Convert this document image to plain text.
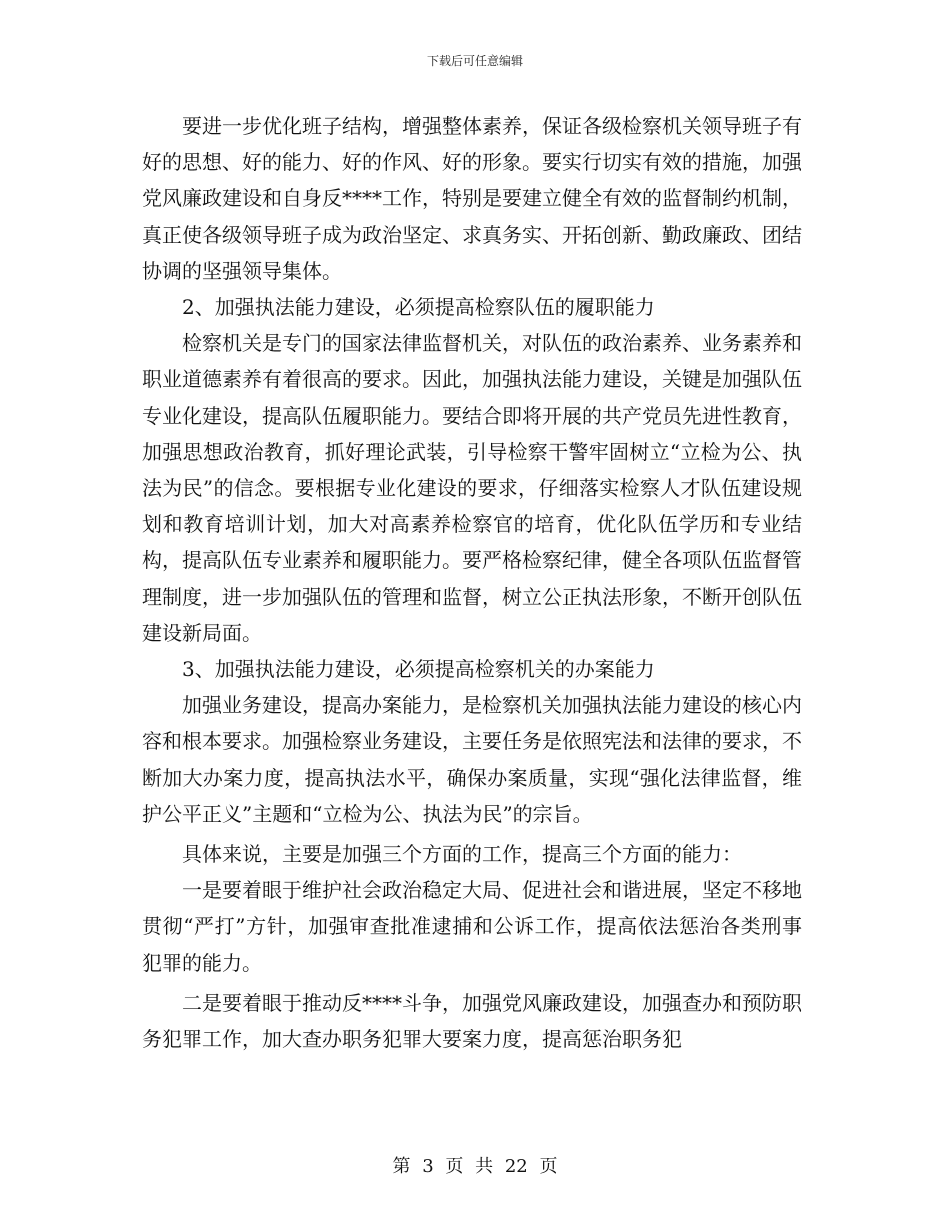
下载后可任意编辑

要进一步优化班子结构，增强整体素养，保证各级检察机关领导班子有好的思想、好的能力、好的作风、好的形象。要实行切实有效的措施，加强党风廉政建设和自身反****工作，特别是要建立健全有效的监督制约机制，真正使各级领导班子成为政治坚定、求真务实、开拓创新、勤政廉政、团结协调的坚强领导集体。

2、加强执法能力建设，必须提高检察队伍的履职能力

检察机关是专门的国家法律监督机关，对队伍的政治素养、业务素养和职业道德素养有着很高的要求。因此，加强执法能力建设，关键是加强队伍专业化建设，提高队伍履职能力。要结合即将开展的共产党员先进性教育，加强思想政治教育，抓好理论武装，引导检察干警牢固树立“立检为公、执法为民”的信念。要根据专业化建设的要求，仔细落实检察人才队伍建设规划和教育培训计划，加大对高素养检察官的培育，优化队伍学历和专业结构，提高队伍专业素养和履职能力。要严格检察纪律，健全各项队伍监督管理制度，进一步加强队伍的管理和监督，树立公正执法形象，不断开创队伍建设新局面。

3、加强执法能力建设，必须提高检察机关的办案能力

加强业务建设，提高办案能力，是检察机关加强执法能力建设的核心内容和根本要求。加强检察业务建设，主要任务是依照宪法和法律的要求，不断加大办案力度，提高执法水平，确保办案质量，实现“强化法律监督，维护公平正义”主题和“立检为公、执法为民”的宗旨。

具体来说，主要是加强三个方面的工作，提高三个方面的能力：

一是要着眼于维护社会政治稳定大局、促进社会和谐进展，坚定不移地贯彻“严打”方针，加强审查批准逮捕和公诉工作，提高依法惩治各类刑事犯罪的能力。

二是要着眼于推动反****斗争，加强党风廉政建设，加强查办和预防职务犯罪工作，加大查办职务犯罪大要案力度，提高惩治职务犯

第 3 页 共 22 页
